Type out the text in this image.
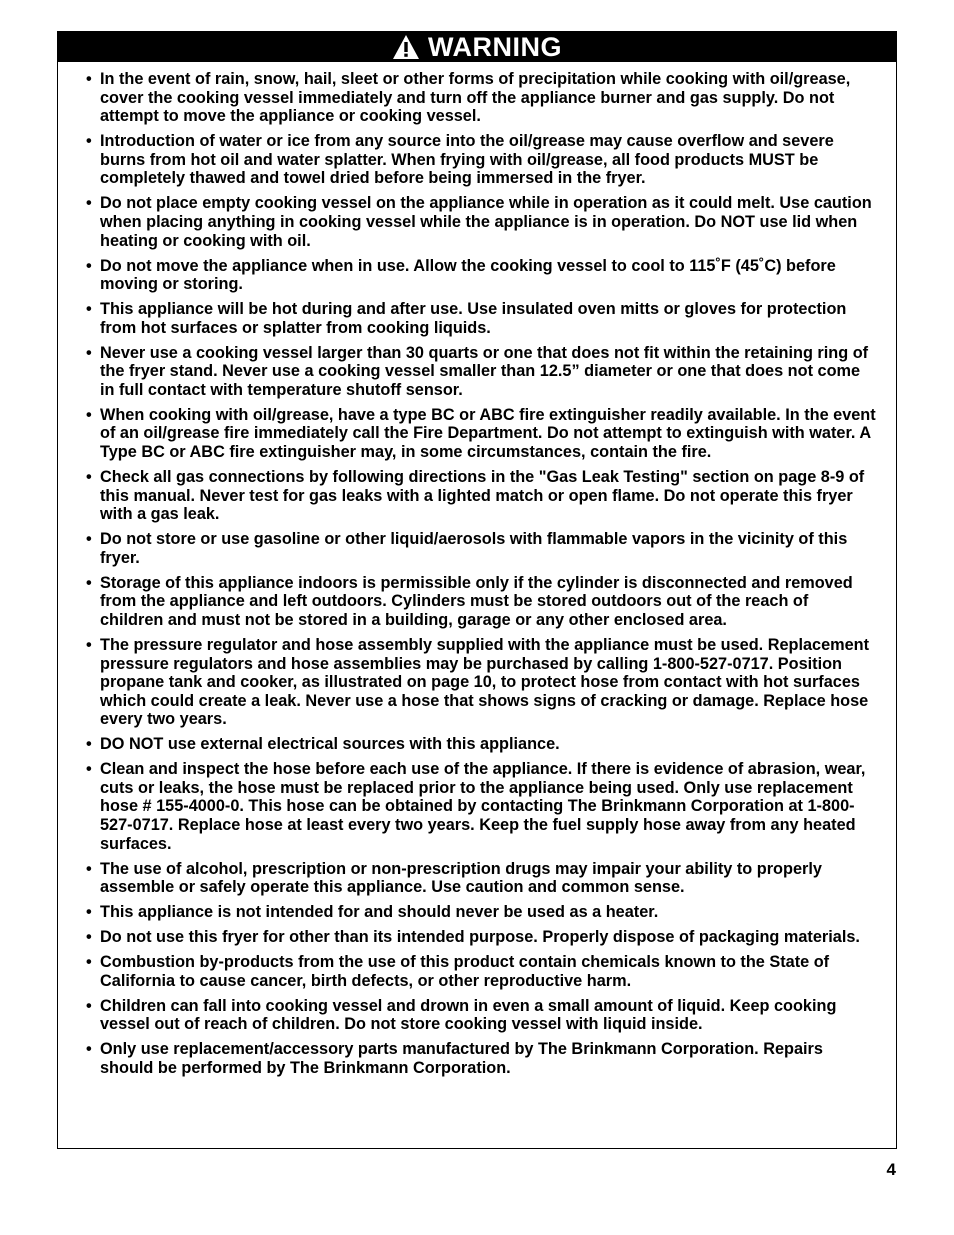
WARNING
• In the event of rain, snow, hail, sleet or other forms of precipitation while cooking with oil/grease, cover the cooking vessel immediately and turn off the appliance burner and gas supply. Do not attempt to move the appliance or cooking vessel.
• Introduction of water or ice from any source into the oil/grease may cause overflow and severe burns from hot oil and water splatter. When frying with oil/grease, all food products MUST be completely thawed and towel dried before being immersed in the fryer.
• Do not place empty cooking vessel on the appliance while in operation as it could melt. Use caution when placing anything in cooking vessel while the appliance is in operation. Do NOT use lid when heating or cooking with oil.
• Do not move the appliance when in use. Allow the cooking vessel to cool to 115˚F (45˚C) before moving or storing.
• This appliance will be hot during and after use. Use insulated oven mitts or gloves for protection from hot surfaces or splatter from cooking liquids.
• Never use a cooking vessel larger than 30 quarts or one that does not fit within the retaining ring of the fryer stand. Never use a cooking vessel smaller than 12.5” diameter or one that does not come in full contact with temperature shutoff sensor.
• When cooking with oil/grease, have a type BC or ABC fire extinguisher readily available. In the event of an oil/grease fire immediately call the Fire Department. Do not attempt to extinguish with water. A Type BC or ABC fire extinguisher may, in some circumstances, contain the fire.
• Check all gas connections by following directions in the "Gas Leak Testing" section on page 8-9 of this manual. Never test for gas leaks with a lighted match or open flame. Do not operate this fryer with a gas leak.
• Do not store or use gasoline or other liquid/aerosols with flammable vapors in the vicinity of this fryer.
• Storage of this appliance indoors is permissible only if the cylinder is disconnected and removed from the appliance and left outdoors. Cylinders must be stored outdoors out of the reach of children and must not be stored in a building, garage or any other enclosed area.
• The pressure regulator and hose assembly supplied with the appliance must be used. Replacement pressure regulators and hose assemblies may be purchased by calling 1-800-527-0717. Position propane tank and cooker, as illustrated on page 10, to protect hose from contact with hot surfaces which could create a leak. Never use a hose that shows signs of cracking or damage. Replace hose every two years.
• DO NOT use external electrical sources with this appliance.
• Clean and inspect the hose before each use of the appliance. If there is evidence of abrasion, wear, cuts or leaks, the hose must be replaced prior to the appliance being used. Only use replacement hose # 155-4000-0. This hose can be obtained by contacting The Brinkmann Corporation at 1-800-527-0717. Replace hose at least every two years. Keep the fuel supply hose away from any heated surfaces.
• The use of alcohol, prescription or non-prescription drugs may impair your ability to properly assemble or safely operate this appliance. Use caution and common sense.
• This appliance is not intended for and should never be used as a heater.
• Do not use this fryer for other than its intended purpose. Properly dispose of packaging materials.
• Combustion by-products from the use of this product contain chemicals known to the State of California to cause cancer, birth defects, or other reproductive harm.
• Children can fall into cooking vessel and drown in even a small amount of liquid. Keep cooking vessel out of reach of children. Do not store cooking vessel with liquid inside.
• Only use replacement/accessory parts manufactured by The Brinkmann Corporation. Repairs should be performed by The Brinkmann Corporation.
4
